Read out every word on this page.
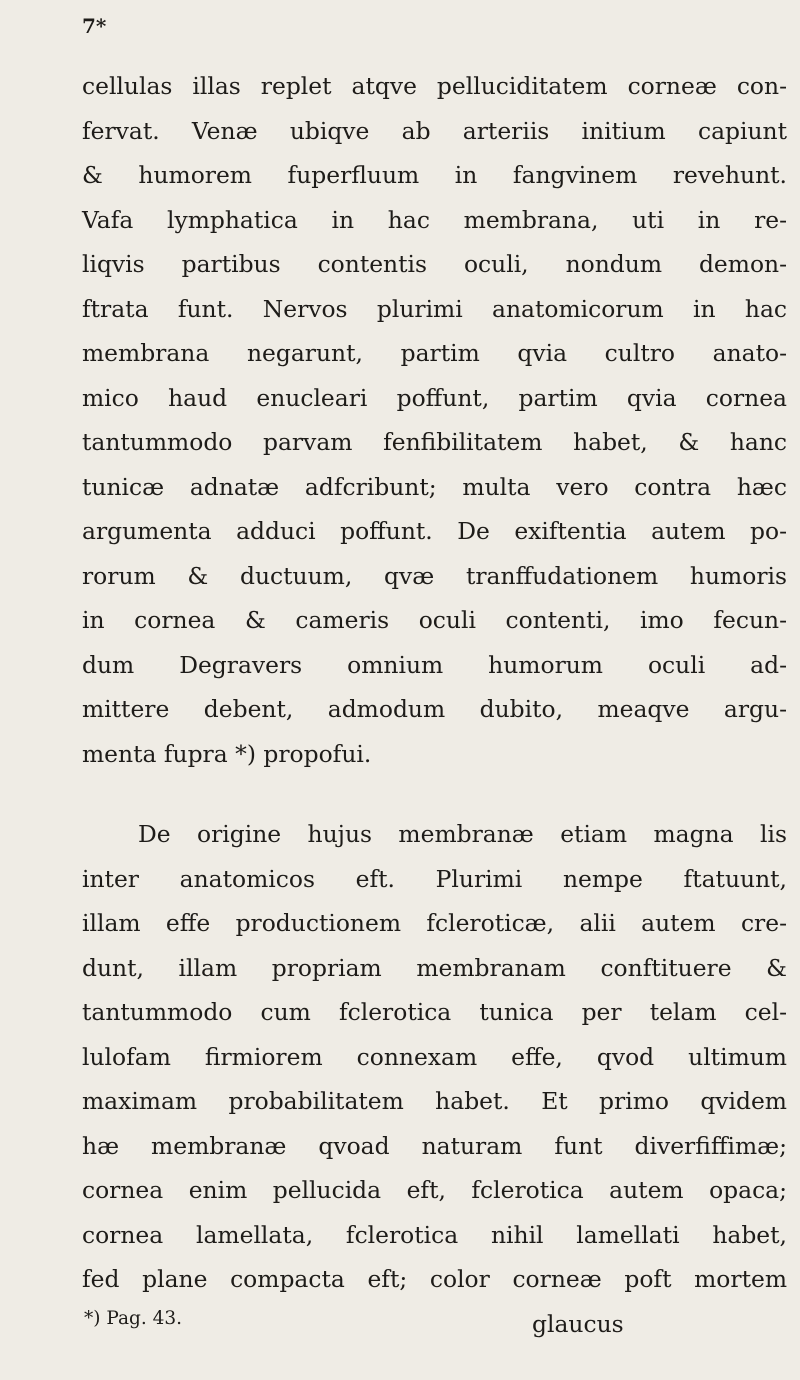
7*
cellulas illas replet atqve pelluciditatem corneæ con-
fervat. Venæ ubiqve ab arteriis initium capiunt
& humorem fuperfluum in fangvinem revehunt.
Vafa lymphatica in hac membrana, uti in re-
liqvis partibus contentis oculi, nondum demon-
ftrata funt. Nervos plurimi anatomicorum in hac
membrana negarunt, partim qvia cultro anato-
mico haud enucleari poffunt, partim qvia cornea
tantummodo parvam fenfibilitatem habet, & hanc
tunicæ adnatæ adfcribunt; multa vero contra hæc
argumenta adduci poffunt. De exiftentia autem po-
rorum & ductuum, qvæ tranffudationem humoris
in cornea & cameris oculi contenti, imo fecun-
dum Degravers omnium humorum oculi ad-
mittere debent, admodum dubito, meaqve argu-
menta fupra *) propofui.
De origine hujus membranæ etiam magna lis
inter anatomicos eft. Plurimi nempe ftatuunt,
illam effe productionem fcleroticæ, alii autem cre-
dunt, illam propriam membranam conftituere &
tantummodo cum fclerotica tunica per telam cel-
lulofam firmiorem connexam effe, qvod ultimum
maximam probabilitatem habet. Et primo qvidem
hæ membranæ qvoad naturam funt diverfiffimæ;
cornea enim pellucida eft, fclerotica autem opaca;
cornea lamellata, fclerotica nihil lamellati habet,
fed plane compacta eft; color corneæ poft mortem
glaucus
*) Pag. 43.
